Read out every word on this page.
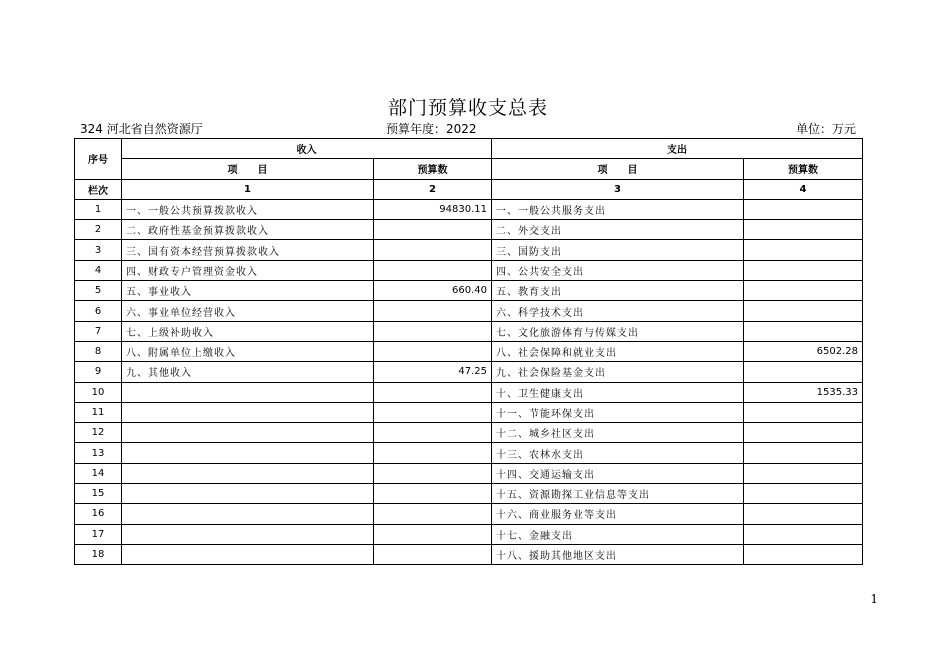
部门预算收支总表
324 河北省自然资源厅	预算年度：2022	单位：万元
序号	收入		支出	
	项　　目	预算数	项　　目	预算数
栏次	1	2	3	4
1	一、一般公共预算拨款收入	94830.11	一、一般公共服务支出	
2	二、政府性基金预算拨款收入		二、外交支出	
3	三、国有资本经营预算拨款收入		三、国防支出	
4	四、财政专户管理资金收入		四、公共安全支出	
5	五、事业收入	660.40	五、教育支出	
6	六、事业单位经营收入		六、科学技术支出	
7	七、上级补助收入		七、文化旅游体育与传媒支出	
8	八、附属单位上缴收入		八、社会保障和就业支出	6502.28
9	九、其他收入	47.25	九、社会保险基金支出	
10			十、卫生健康支出	1535.33
11			十一、节能环保支出	
12			十二、城乡社区支出	
13			十三、农林水支出	
14			十四、交通运输支出	
15			十五、资源勘探工业信息等支出	
16			十六、商业服务业等支出	
17			十七、金融支出	
18			十八、援助其他地区支出	
1
